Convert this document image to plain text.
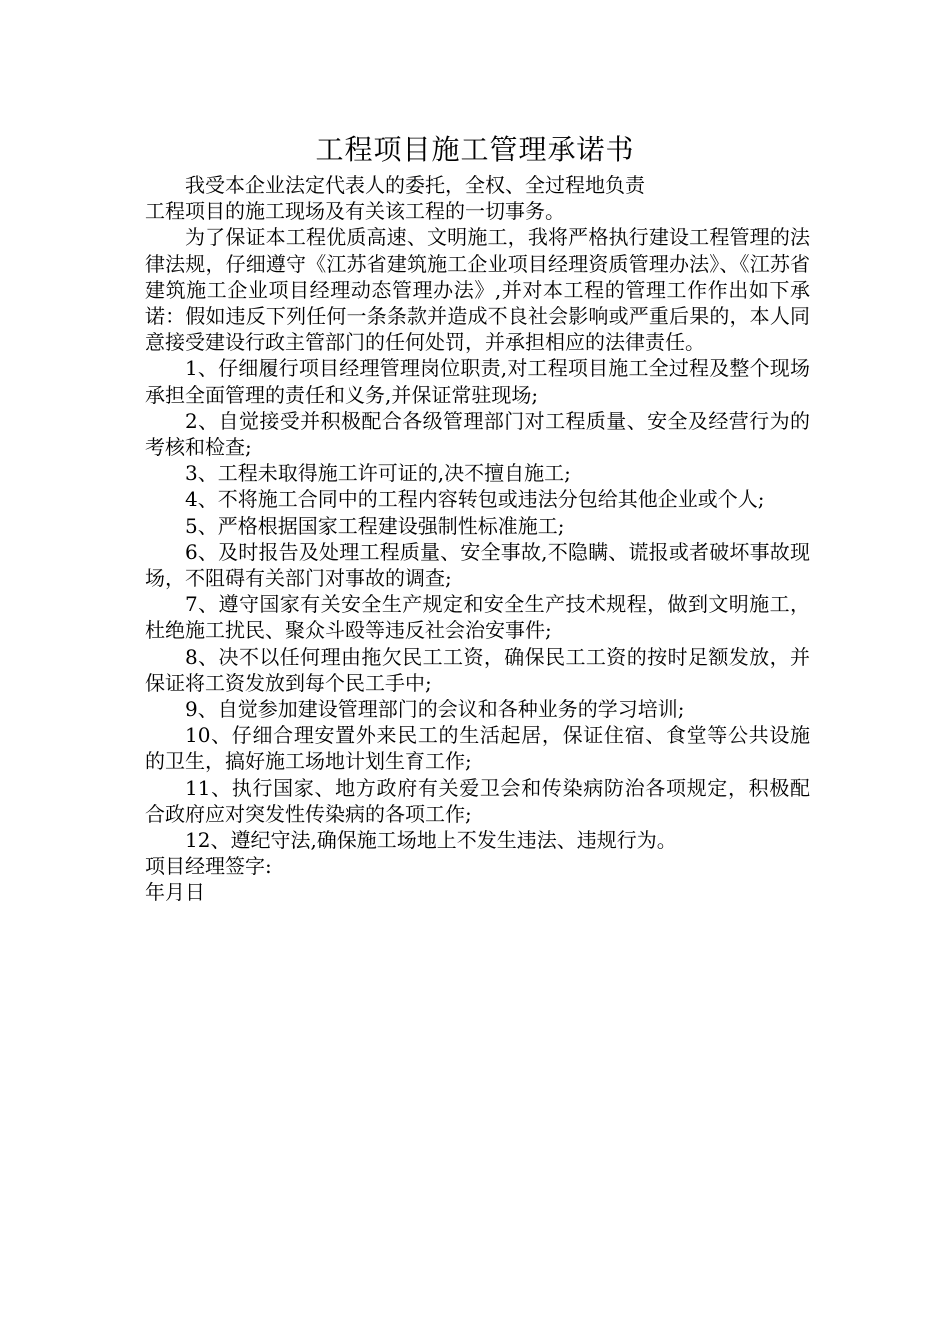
工程项目施工管理承诺书

我受本企业法定代表人的委托，全权、全过程地负责

工程项目的施工现场及有关该工程的一切事务。

为了保证本工程优质高速、文明施工，我将严格执行建设工程管理的法律法规，仔细遵守《江苏省建筑施工企业项目经理资质管理办法》、《江苏省建筑施工企业项目经理动态管理办法》,并对本工程的管理工作作出如下承诺：假如违反下列任何一条条款并造成不良社会影响或严重后果的，本人同意接受建设行政主管部门的任何处罚，并承担相应的法律责任。

1、仔细履行项目经理管理岗位职责,对工程项目施工全过程及整个现场承担全面管理的责任和义务,并保证常驻现场;

2、自觉接受并积极配合各级管理部门对工程质量、安全及经营行为的考核和检查;

3、工程未取得施工许可证的,决不擅自施工;

4、不将施工合同中的工程内容转包或违法分包给其他企业或个人;

5、严格根据国家工程建设强制性标准施工;

6、及时报告及处理工程质量、安全事故,不隐瞒、谎报或者破坏事故现场，不阻碍有关部门对事故的调查;

7、遵守国家有关安全生产规定和安全生产技术规程，做到文明施工，杜绝施工扰民、聚众斗殴等违反社会治安事件;

8、决不以任何理由拖欠民工工资，确保民工工资的按时足额发放，并保证将工资发放到每个民工手中;

9、自觉参加建设管理部门的会议和各种业务的学习培训;

10、仔细合理安置外来民工的生活起居，保证住宿、食堂等公共设施的卫生，搞好施工场地计划生育工作;

11、执行国家、地方政府有关爱卫会和传染病防治各项规定，积极配合政府应对突发性传染病的各项工作;

12、遵纪守法,确保施工场地上不发生违法、违规行为。

项目经理签字:

年月日
